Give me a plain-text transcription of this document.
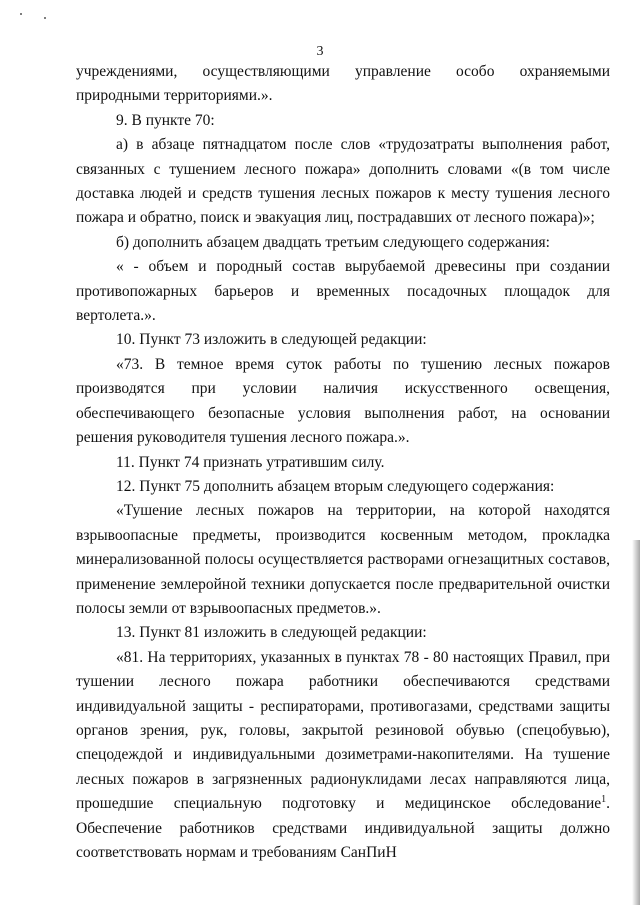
3

учреждениями, осуществляющими управление особо охраняемыми природными территориями.».

9. В пункте 70:

а) в абзаце пятнадцатом после слов «трудозатраты выполнения работ, связанных с тушением лесного пожара» дополнить словами «(в том числе доставка людей и средств тушения лесных пожаров к месту тушения лесного пожара и обратно, поиск и эвакуация лиц, пострадавших от лесного пожара)»;

б) дополнить абзацем двадцать третьим следующего содержания:

« - объем и породный состав вырубаемой древесины при создании противопожарных барьеров и временных посадочных площадок для вертолета.».

10. Пункт 73 изложить в следующей редакции:

«73. В темное время суток работы по тушению лесных пожаров производятся при условии наличия искусственного освещения, обеспечивающего безопасные условия выполнения работ, на основании решения руководителя тушения лесного пожара.».

11. Пункт 74 признать утратившим силу.

12. Пункт 75 дополнить абзацем вторым следующего содержания:

«Тушение лесных пожаров на территории, на которой находятся взрывоопасные предметы, производится косвенным методом, прокладка минерализованной полосы осуществляется растворами огнезащитных составов, применение землеройной техники допускается после предварительной очистки полосы земли от взрывоопасных предметов.».

13. Пункт 81 изложить в следующей редакции:

«81. На территориях, указанных в пунктах 78 - 80 настоящих Правил, при тушении лесного пожара работники обеспечиваются средствами индивидуальной защиты - респираторами, противогазами, средствами защиты органов зрения, рук, головы, закрытой резиновой обувью (спецобувью), спецодеждой и индивидуальными дозиметрами-накопителями. На тушение лесных пожаров в загрязненных радионуклидами лесах направляются лица, прошедшие специальную подготовку и медицинское обследование$^1$. Обеспечение работников средствами индивидуальной защиты должно соответствовать нормам и требованиям СанПиН
